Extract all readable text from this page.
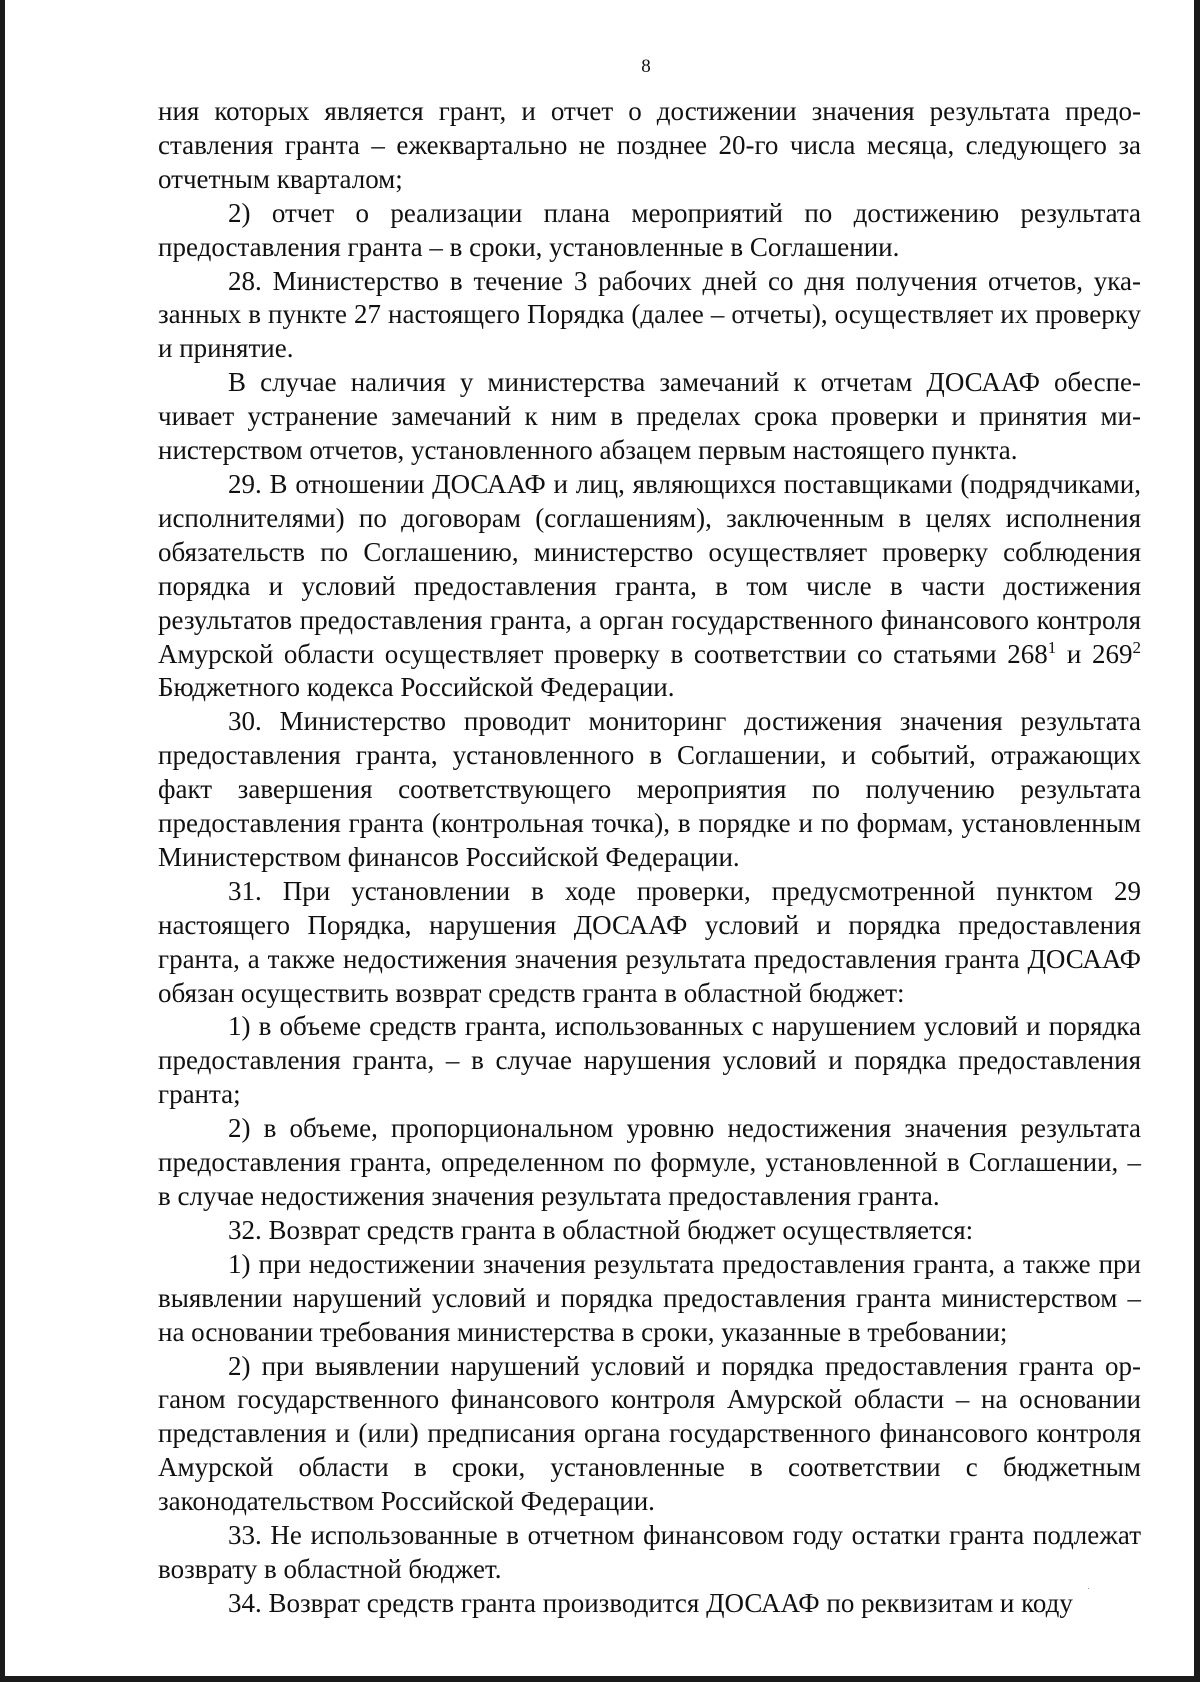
8

ния которых является грант, и отчет о достижении значения результата предоставления гранта – ежеквартально не позднее 20-го числа месяца, следующего за отчетным кварталом;

2) отчет о реализации плана мероприятий по достижению результата предоставления гранта – в сроки, установленные в Соглашении.

28. Министерство в течение 3 рабочих дней со дня получения отчетов, указанных в пункте 27 настоящего Порядка (далее – отчеты), осуществляет их проверку и принятие.

В случае наличия у министерства замечаний к отчетам ДОСААФ обеспечивает устранение замечаний к ним в пределах срока проверки и принятия министерством отчетов, установленного абзацем первым настоящего пункта.

29. В отношении ДОСААФ и лиц, являющихся поставщиками (подрядчиками, исполнителями) по договорам (соглашениям), заключенным в целях исполнения обязательств по Соглашению, министерство осуществляет проверку соблюдения порядка и условий предоставления гранта, в том числе в части достижения результатов предоставления гранта, а орган государственного финансового контроля Амурской области осуществляет проверку в соответствии со статьями $268^1$ и $269^2$ Бюджетного кодекса Российской Федерации.

30. Министерство проводит мониторинг достижения значения результата предоставления гранта, установленного в Соглашении, и событий, отражающих факт завершения соответствующего мероприятия по получению результата предоставления гранта (контрольная точка), в порядке и по формам, установленным Министерством финансов Российской Федерации.

31. При установлении в ходе проверки, предусмотренной пунктом 29 настоящего Порядка, нарушения ДОСААФ условий и порядка предоставления гранта, а также недостижения значения результата предоставления гранта ДОСААФ обязан осуществить возврат средств гранта в областной бюджет:

1) в объеме средств гранта, использованных с нарушением условий и порядка предоставления гранта, – в случае нарушения условий и порядка предоставления гранта;

2) в объеме, пропорциональном уровню недостижения значения результата предоставления гранта, определенном по формуле, установленной в Соглашении, – в случае недостижения значения результата предоставления гранта.

32. Возврат средств гранта в областной бюджет осуществляется:

1) при недостижении значения результата предоставления гранта, а также при выявлении нарушений условий и порядка предоставления гранта министерством – на основании требования министерства в сроки, указанные в требовании;

2) при выявлении нарушений условий и порядка предоставления гранта органом государственного финансового контроля Амурской области – на основании представления и (или) предписания органа государственного финансового контроля Амурской области в сроки, установленные в соответствии с бюджетным законодательством Российской Федерации.

33. Не использованные в отчетном финансовом году остатки гранта подлежат возврату в областной бюджет.

34. Возврат средств гранта производится ДОСААФ по реквизитам и коду
